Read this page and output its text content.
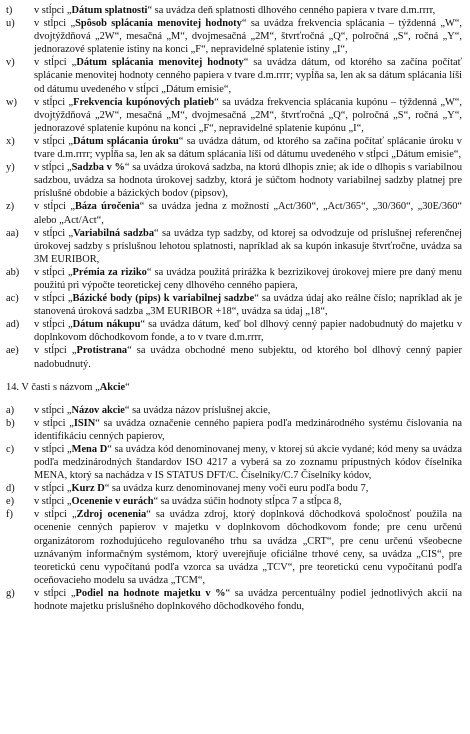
t)	v stĺpci „Dátum splatnosti“ sa uvádza deň splatnosti dlhového cenného papiera v tvare d.m.rrrr,
u)	v stĺpci „Spôsob splácania menovitej hodnoty“ sa uvádza frekvencia splácania – týždenná „W“, dvojtýždňová „2W“, mesačná „M“, dvojmesačná „2M“, štvrťročná „Q“, polročná „S“, ročná „Y“, jednorazové splatenie istiny na konci „F“, nepravidelné splatenie istiny „I“,
v)	v stĺpci „Dátum splácania menovitej hodnoty“ sa uvádza dátum, od ktorého sa začína počítať splácanie menovitej hodnoty cenného papiera v tvare d.m.rrrr; vypĺňa sa, len ak sa dátum splácania líši od dátumu uvedeného v stĺpci „Dátum emisie“,
w)	v stĺpci „Frekvencia kupónových platieb“ sa uvádza frekvencia splácania kupónu – týždenná „W“, dvojtýždňová „2W“, mesačná „M“, dvojmesačná „2M“, štvrťročná „Q“, polročná „S“, ročná „Y“, jednorazové splatenie kupónu na konci „F“, nepravidelné splatenie kupónu „I“,
x)	v stĺpci „Dátum splácania úroku“ sa uvádza dátum, od ktorého sa začína počítať splácanie úroku v tvare d.m.rrrr; vypĺňa sa, len ak sa dátum splácania líši od dátumu uvedeného v stĺpci „Dátum emisie“,
y)	v stĺpci „Sadzba v %“ sa uvádza úroková sadzba, na ktorú dlhopis znie; ak ide o dlhopis s variabilnou sadzbou, uvádza sa hodnota úrokovej sadzby, ktorá je súčtom hodnoty variabilnej sadzby platnej pre príslušné obdobie a bázických bodov (pipsov),
z)	v stĺpci „Báza úročenia“ sa uvádza jedna z možností „Act/360“, „Act/365“, „30/360“, „30E/360“ alebo „Act/Act“,
aa)	v stĺpci „Variabilná sadzba“ sa uvádza typ sadzby, od ktorej sa odvodzuje od príslušnej referenčnej úrokovej sadzby s príslušnou lehotou splatnosti, napríklad ak sa kupón inkasuje štvrťročne, uvádza sa 3M EURIBOR,
ab)	v stĺpci „Prémia za riziko“ sa uvádza použitá prirážka k bezrizikovej úrokovej miere pre daný menu použitú pri výpočte teoretickej ceny dlhového cenného papiera,
ac)	v stĺpci „Bázické body (pips) k variabilnej sadzbe“ sa uvádza údaj ako reálne číslo; napríklad ak je stanovená úroková sadzba „3M EURIBOR +18“, uvádza sa údaj „18“,
ad)	v stĺpci „Dátum nákupu“ sa uvádza dátum, keď bol dlhový cenný papier nadobudnutý do majetku v doplnkovom dôchodkovom fonde, a to v tvare d.m.rrrr,
ae)	v stĺpci „Protistrana“ sa uvádza obchodné meno subjektu, od ktorého bol dlhový cenný papier nadobudnutý.
14. V časti s názvom „Akcie“
a)	v stĺpci „Názov akcie“ sa uvádza názov príslušnej akcie,
b)	v stĺpci „ISIN“ sa uvádza označenie cenného papiera podľa medzinárodného systému číslovania na identifikáciu cenných papierov,
c)	v stĺpci „Mena D“ sa uvádza kód denominovanej meny, v ktorej sú akcie vydané; kód meny sa uvádza podľa medzinárodných štandardov ISO 4217 a vyberá sa zo zoznamu prípustných kódov číselníka MENA, ktorý sa nachádza v IS STATUS DFT/C. Číselníky/C.7 Číselníky kódov,
d)	v stĺpci „Kurz D“ sa uvádza kurz denominovanej meny voči euru podľa bodu 7,
e)	v stĺpci „Ocenenie v eurách“ sa uvádza súčin hodnoty stĺpca 7 a stĺpca 8,
f)	v stĺpci „Zdroj ocenenia“ sa uvádza zdroj, ktorý doplnková dôchodková spoločnosť použila na ocenenie cenných papierov v majetku v doplnkovom dôchodkovom fonde; pre cenu určenú organizátorom rozhodujúceho regulovaného trhu sa uvádza „CRT“, pre cenu určenú všeobecne uznávaným informačným systémom, ktorý uverejňuje oficiálne trhové ceny, sa uvádza „CIS“, pre teoretickú cenu vypočítanú podľa vzorca sa uvádza „TCV“, pre teoretickú cenu vypočítanú podľa oceňovacieho modelu sa uvádza „TCM“,
g)	v stĺpci „Podiel na hodnote majetku v %“ sa uvádza percentuálny podiel jednotlivých akcií na hodnote majetku príslušného doplnkového dôchodkového fondu,
